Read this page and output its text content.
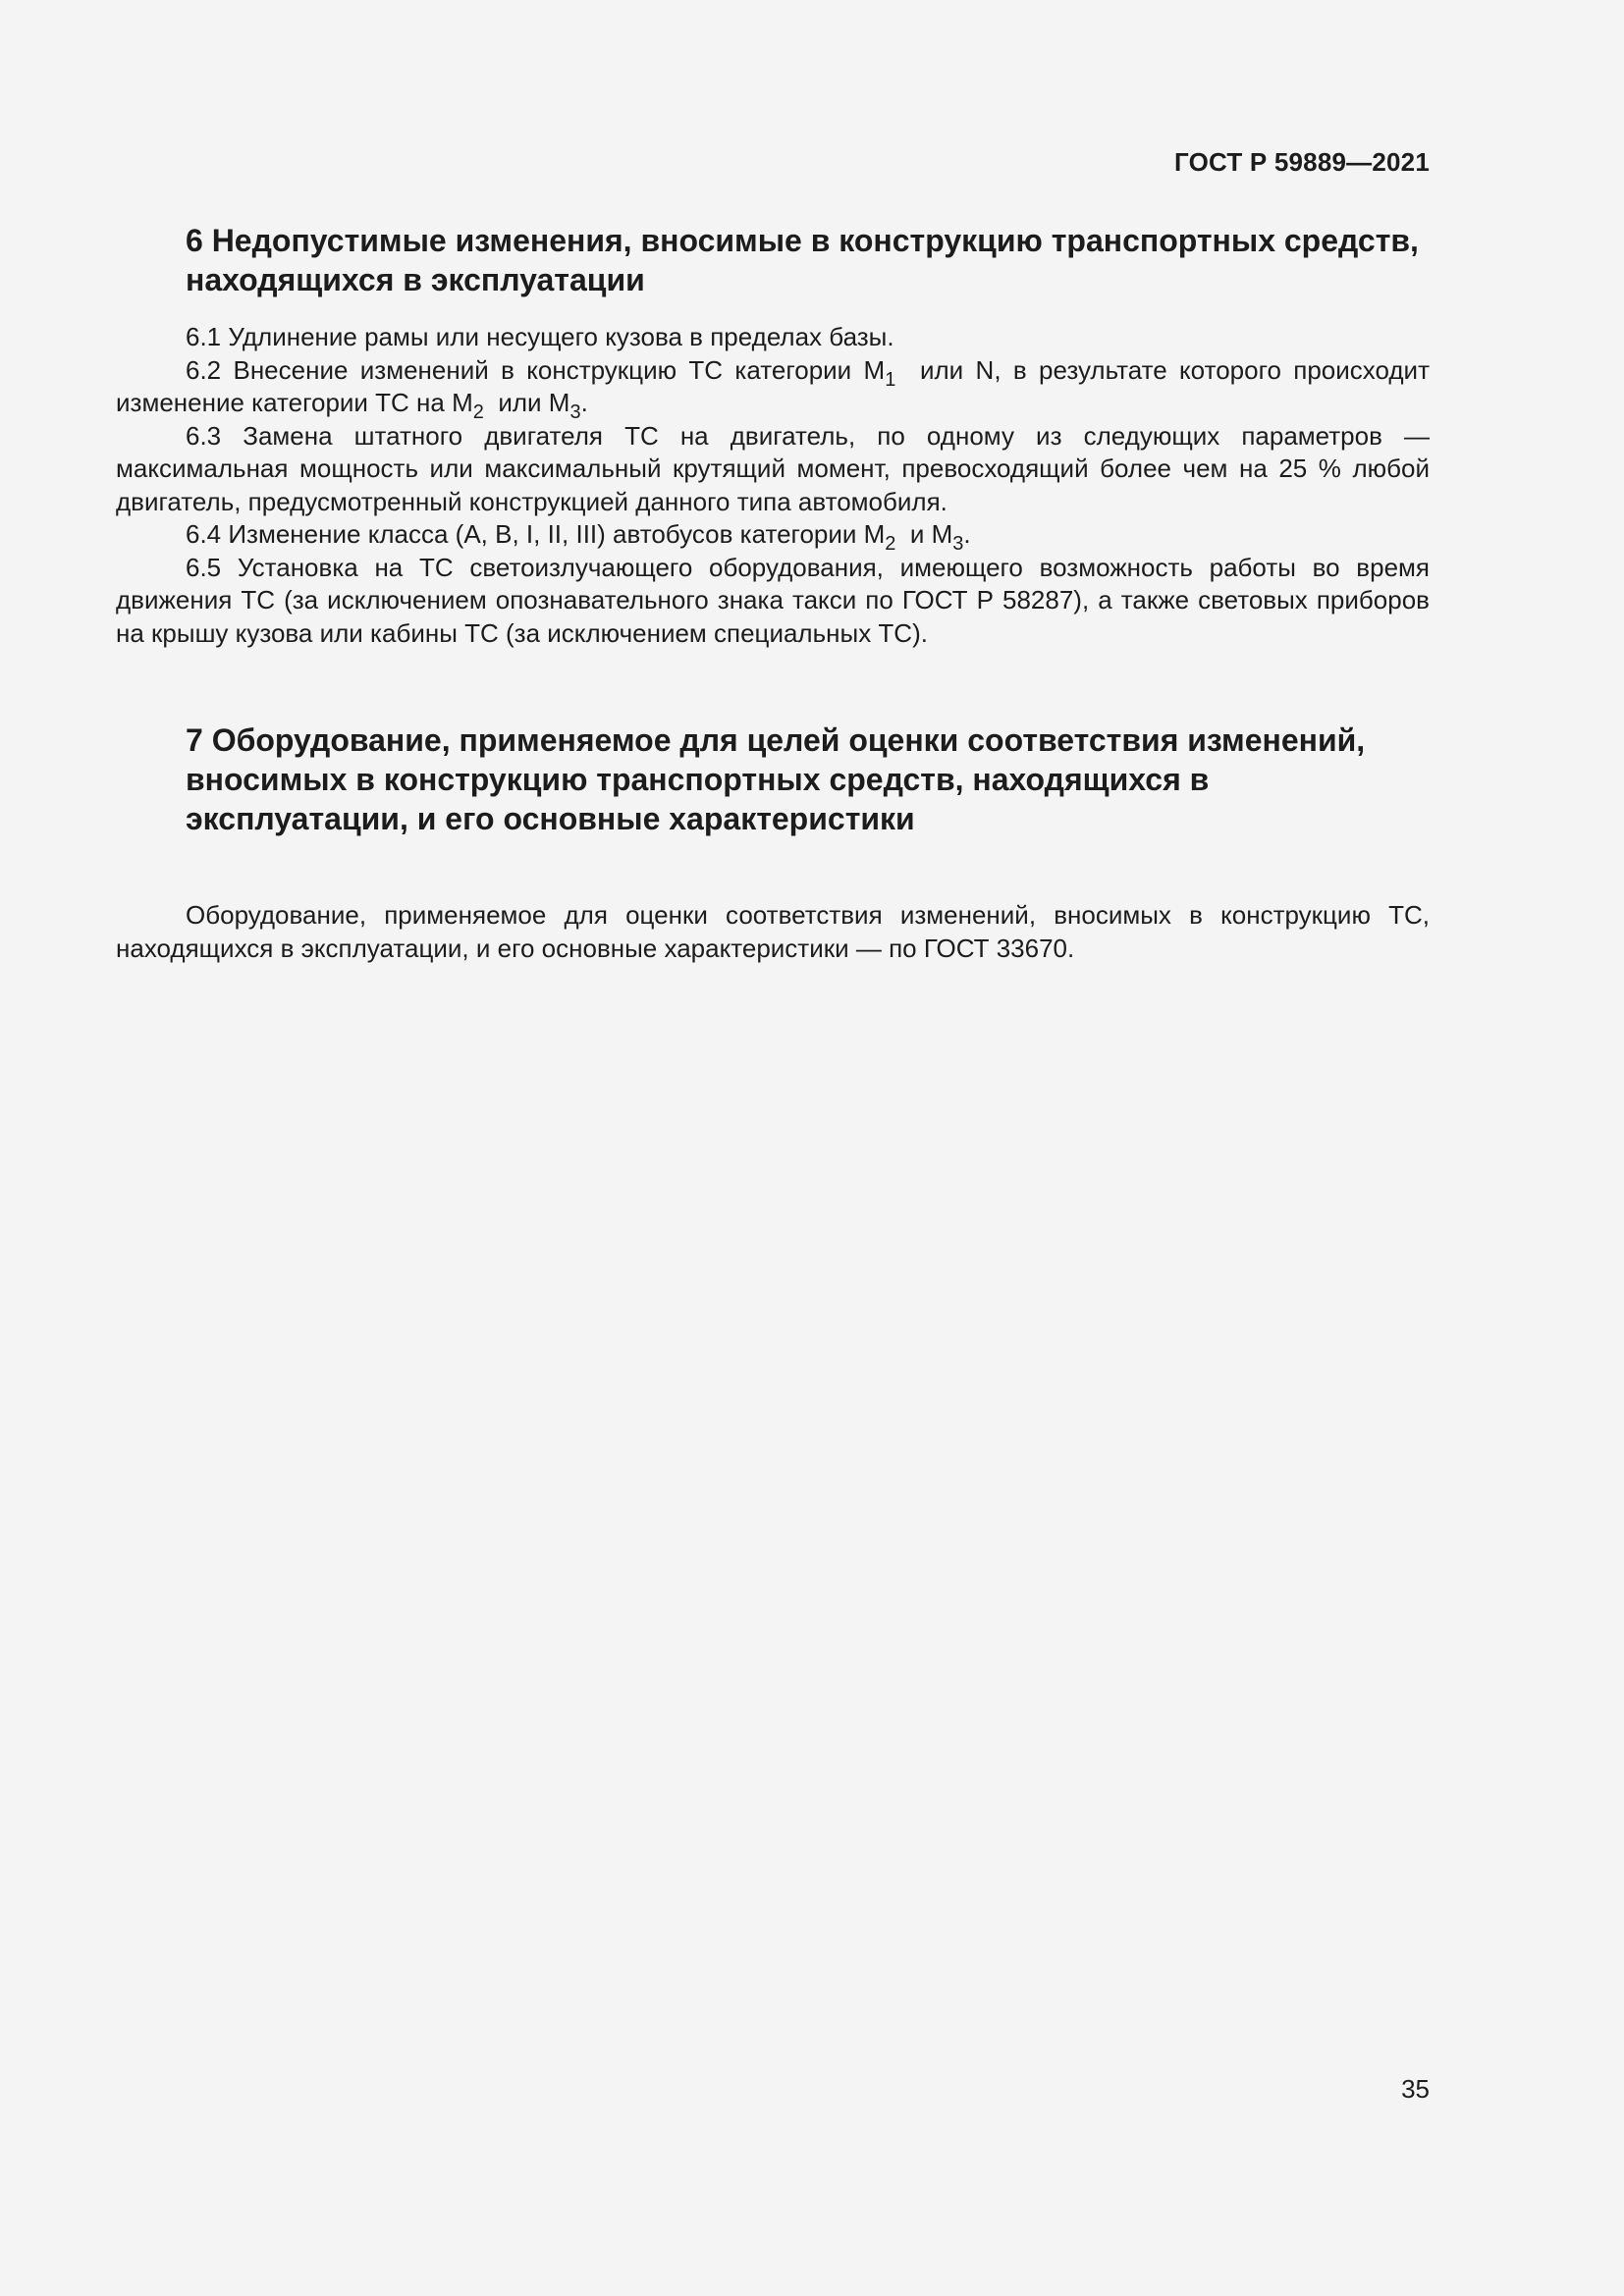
ГОСТ Р 59889—2021
6 Недопустимые изменения, вносимые в конструкцию транспортных средств, находящихся в эксплуатации

6.1 Удлинение рамы или несущего кузова в пределах базы.

6.2 Внесение изменений в конструкцию ТС категории $М_1$  или N, в результате которого происходит изменение категории ТС на $М_2$  или $М_3$.

6.3 Замена штатного двигателя ТС на двигатель, по одному из следующих параметров — максимальная мощность или максимальный крутящий момент, превосходящий более чем на 25 % любой двигатель, предусмотренный конструкцией данного типа автомобиля.

6.4 Изменение класса (А, В, I, II, III) автобусов категории $М_2$  и $М_3$.

6.5 Установка на ТС светоизлучающего оборудования, имеющего возможность работы во время движения ТС (за исключением опознавательного знака такси по ГОСТ Р 58287), а также световых приборов на крышу кузова или кабины ТС (за исключением специальных ТС).

7 Оборудование, применяемое для целей оценки соответствия изменений, вносимых в конструкцию транспортных средств, находящихся в эксплуатации, и его основные характеристики

Оборудование, применяемое для оценки соответствия изменений, вносимых в конструкцию ТС, находящихся в эксплуатации, и его основные характеристики — по ГОСТ 33670.

35
